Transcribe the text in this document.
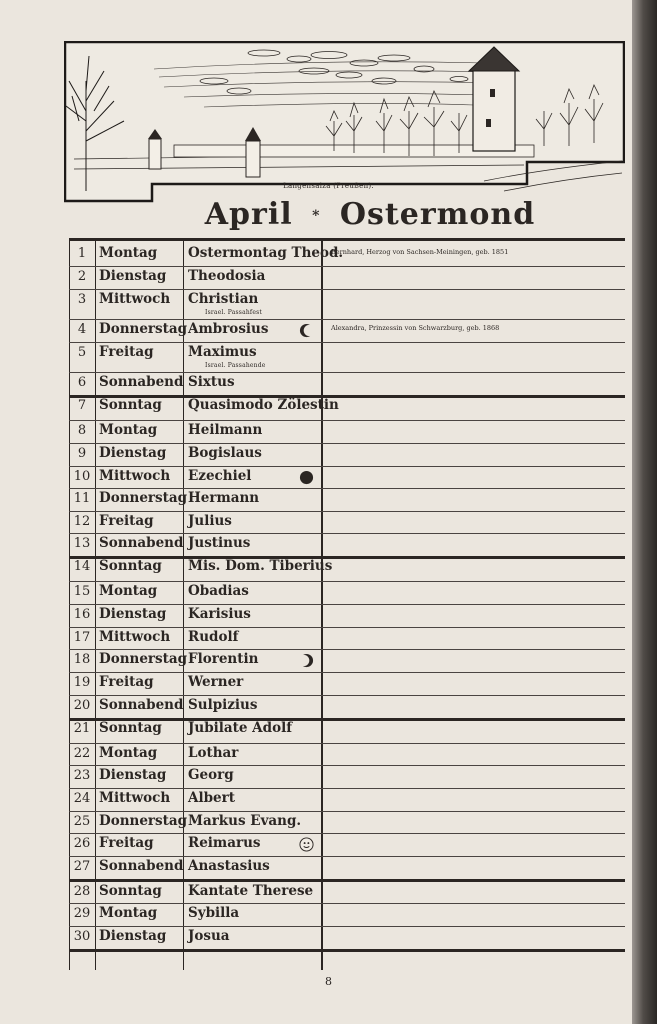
Langensalza (Preußen).
April * Ostermond
1 Montag Ostermontag Theod.
Bernhard, Herzog von Sachsen-Meiningen, geb. 1851
2 Dienstag Theodosia
3 Mittwoch Christian
Israel. Passahfest
4 Donnerstag Ambrosius	Alexandra, Prinzessin von Schwarzburg, geb. 1868
5 Freitag	Maximus
Israel. Passahende
6 Sonnabend Sixtus
7 Sonntag Quasimodo Zölestin
8 Montag Heilmann
9 Dienstag Bogislaus
10 Mittwoch Ezechiel
11 Donnerstag Hermann
12 Freitag	Julius
13 Sonnabend Justinus
14 Sonntag Mis. Dom. Tiberius
15 Montag Obadias
16 Dienstag Karisius
17 Mittwoch Rudolf
18 Donnerstag Florentin
19 Freitag	Werner
20 Sonnabend Sulpizius
21 Sonntag Jubilate Adolf
22 Montag Lothar
23 Dienstag Georg
24 Mittwoch Albert
25 Donnerstag Markus Evang.
26 Freitag	Reimarus
27 Sonnabend Anastasius
28 Sonntag Kantate Therese
29 Montag Sybilla
30 Dienstag Josua
8
